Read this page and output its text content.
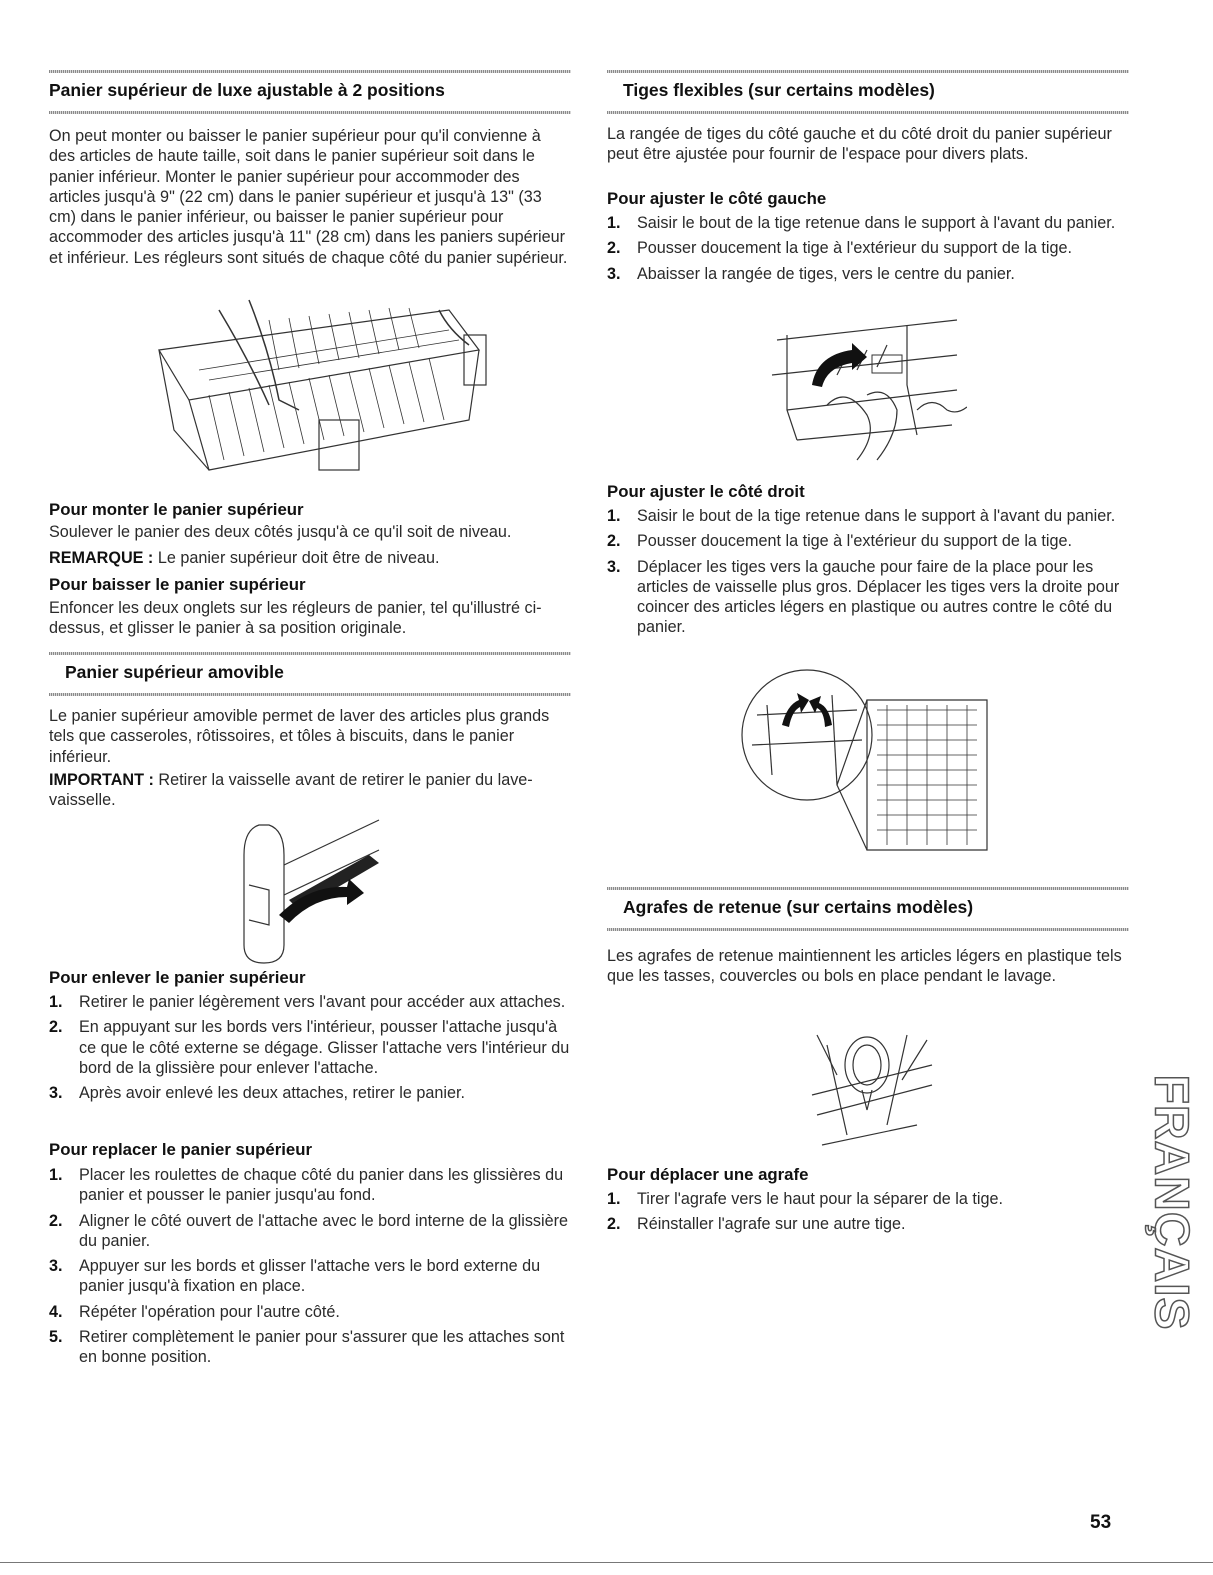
Panier supérieur de luxe ajustable à 2 positions

On peut monter ou baisser le panier supérieur pour qu'il convienne à des articles de haute taille, soit dans le panier supérieur soit dans le panier inférieur. Monter le panier supérieur pour accommoder des articles jusqu'à 9" (22 cm) dans le panier supérieur et jusqu'à 13" (33 cm) dans le panier inférieur, ou baisser le panier supérieur pour accommoder des articles jusqu'à 11" (28 cm) dans les paniers supérieur et inférieur. Les régleurs sont situés de chaque côté du panier supérieur.

Pour monter le panier supérieur

Soulever le panier des deux côtés jusqu'à ce qu'il soit de niveau.

REMARQUE : Le panier supérieur doit être de niveau.

Pour baisser le panier supérieur

Enfoncer les deux onglets sur les régleurs de panier, tel qu'illustré ci-dessus, et glisser le panier à sa position originale.

Panier supérieur amovible

Le panier supérieur amovible permet de laver des articles plus grands tels que casseroles, rôtissoires, et tôles à biscuits, dans le panier inférieur.

IMPORTANT : Retirer la vaisselle avant de retirer le panier du lave-vaisselle.

Pour enlever le panier supérieur
1. Retirer le panier légèrement vers l'avant pour accéder aux attaches.
2. En appuyant sur les bords vers l'intérieur, pousser l'attache jusqu'à ce que le côté externe se dégage. Glisser l'attache vers l'intérieur du bord de la glissière pour enlever l'attache.
3. Après avoir enlevé les deux attaches, retirer le panier.
Pour replacer le panier supérieur
1. Placer les roulettes de chaque côté du panier dans les glissières du panier et pousser le panier jusqu'au fond.
2. Aligner le côté ouvert de l'attache avec le bord interne de la glissière du panier.
3. Appuyer sur les bords et glisser l'attache vers le bord externe du panier jusqu'à fixation en place.
4. Répéter l'opération pour l'autre côté.
5. Retirer complètement le panier pour s'assurer que les attaches sont en bonne position.
Tiges flexibles (sur certains modèles)

La rangée de tiges du côté gauche et du côté droit du panier supérieur peut être ajustée pour fournir de l'espace pour divers plats.

Pour ajuster le côté gauche
1. Saisir le bout de la tige retenue dans le support à l'avant du panier.
2. Pousser doucement la tige à l'extérieur du support de la tige.
3. Abaisser la rangée de tiges, vers le centre du panier.
Pour ajuster le côté droit
1. Saisir le bout de la tige retenue dans le support à l'avant du panier.
2. Pousser doucement la tige à l'extérieur du support de la tige.
3. Déplacer les tiges vers la gauche pour faire de la place pour les articles de vaisselle plus gros. Déplacer les tiges vers la droite pour coincer des articles légers en plastique ou autres contre le côté du panier.
Agrafes de retenue (sur certains modèles)

Les agrafes de retenue maintiennent les articles légers en plastique tels que les tasses, couvercles ou bols en place pendant le lavage.

Pour déplacer une agrafe
1. Tirer l'agrafe vers le haut pour la séparer de la tige.
2. Réinstaller l'agrafe sur une autre tige.	FRANÇAIS
53
